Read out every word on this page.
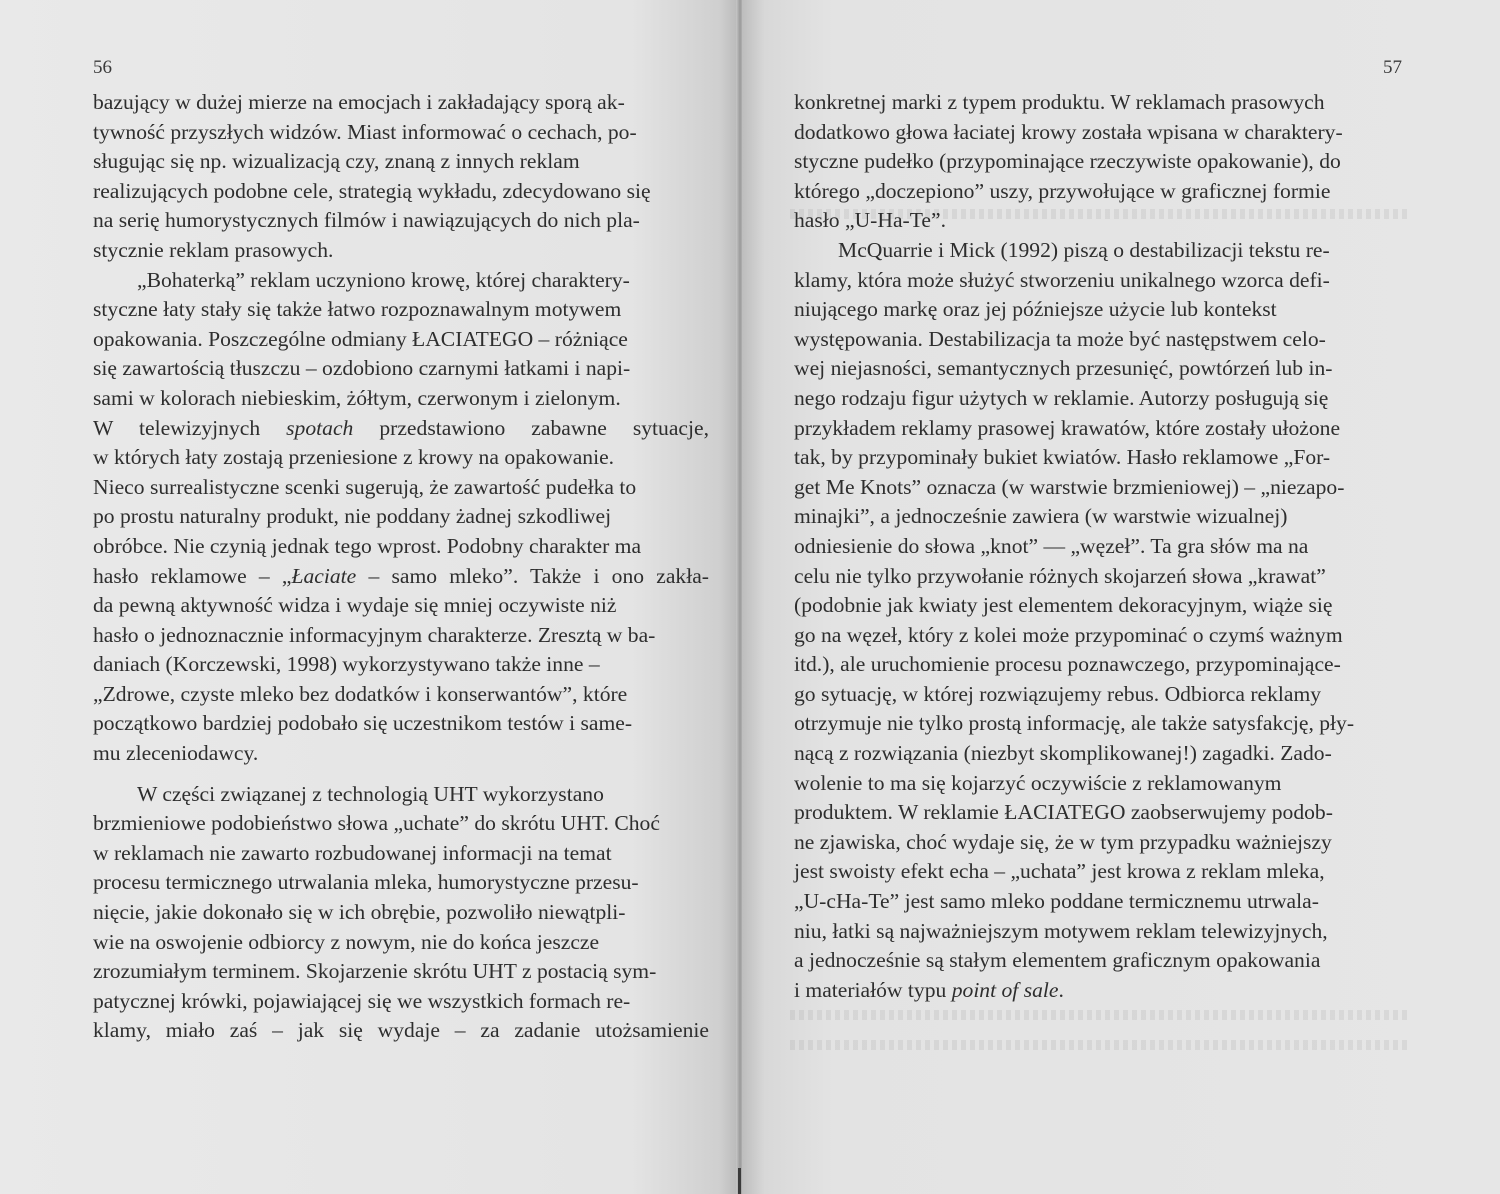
56

bazujący w dużej mierze na emocjach i zakładający sporą ak-
tywność przyszłych widzów. Miast informować o cechach, po-
sługując się np. wizualizacją czy, znaną z innych reklam
realizujących podobne cele, strategią wykładu, zdecydowano się
na serię humorystycznych filmów i nawiązujących do nich pla-
stycznie reklam prasowych.

„Bohaterką” reklam uczyniono krowę, której charaktery-
styczne łaty stały się także łatwo rozpoznawalnym motywem
opakowania. Poszczególne odmiany ŁACIATEGO – różniące
się zawartością tłuszczu – ozdobiono czarnymi łatkami i napi-
sami w kolorach niebieskim, żółtym, czerwonym i zielonym.
W telewizyjnych spotach przedstawiono zabawne sytuacje,
w których łaty zostają przeniesione z krowy na opakowanie.
Nieco surrealistyczne scenki sugerują, że zawartość pudełka to
po prostu naturalny produkt, nie poddany żadnej szkodliwej
obróbce. Nie czynią jednak tego wprost. Podobny charakter ma
hasło reklamowe – „Łaciate – samo mleko”. Także i ono zakła-
da pewną aktywność widza i wydaje się mniej oczywiste niż
hasło o jednoznacznie informacyjnym charakterze. Zresztą w ba-
daniach (Korczewski, 1998) wykorzystywano także inne –
„Zdrowe, czyste mleko bez dodatków i konserwantów”, które
początkowo bardziej podobało się uczestnikom testów i same-
mu zleceniodawcy.

W części związanej z technologią UHT wykorzystano
brzmieniowe podobieństwo słowa „uchate” do skrótu UHT. Choć
w reklamach nie zawarto rozbudowanej informacji na temat
procesu termicznego utrwalania mleka, humorystyczne przesu-
nięcie, jakie dokonało się w ich obrębie, pozwoliło niewątpli-
wie na oswojenie odbiorcy z nowym, nie do końca jeszcze
zrozumiałym terminem. Skojarzenie skrótu UHT z postacią sym-
patycznej krówki, pojawiającej się we wszystkich formach re-
klamy, miało zaś – jak się wydaje – za zadanie utożsamienie

57

konkretnej marki z typem produktu. W reklamach prasowych
dodatkowo głowa łaciatej krowy została wpisana w charaktery-
styczne pudełko (przypominające rzeczywiste opakowanie), do
którego „doczepiono” uszy, przywołujące w graficznej formie
hasło „U-Ha-Te”.

McQuarrie i Mick (1992) piszą o destabilizacji tekstu re-
klamy, która może służyć stworzeniu unikalnego wzorca defi-
niującego markę oraz jej późniejsze użycie lub kontekst
występowania. Destabilizacja ta może być następstwem celo-
wej niejasności, semantycznych przesunięć, powtórzeń lub in-
nego rodzaju figur użytych w reklamie. Autorzy posługują się
przykładem reklamy prasowej krawatów, które zostały ułożone
tak, by przypominały bukiet kwiatów. Hasło reklamowe „For-
get Me Knots” oznacza (w warstwie brzmieniowej) – „niezapo-
minajki”, a jednocześnie zawiera (w warstwie wizualnej)
odniesienie do słowa „knot” — „węzeł”. Ta gra słów ma na
celu nie tylko przywołanie różnych skojarzeń słowa „krawat”
(podobnie jak kwiaty jest elementem dekoracyjnym, wiąże się
go na węzeł, który z kolei może przypominać o czymś ważnym
itd.), ale uruchomienie procesu poznawczego, przypominające-
go sytuację, w której rozwiązujemy rebus. Odbiorca reklamy
otrzymuje nie tylko prostą informację, ale także satysfakcję, pły-
nącą z rozwiązania (niezbyt skomplikowanej!) zagadki. Zado-
wolenie to ma się kojarzyć oczywiście z reklamowanym
produktem. W reklamie ŁACIATEGO zaobserwujemy podob-
ne zjawiska, choć wydaje się, że w tym przypadku ważniejszy
jest swoisty efekt echa – „uchata” jest krowa z reklam mleka,
„U-cHa-Te” jest samo mleko poddane termicznemu utrwala-
niu, łatki są najważniejszym motywem reklam telewizyjnych,
a jednocześnie są stałym elementem graficznym opakowania
i materiałów typu point of sale.
